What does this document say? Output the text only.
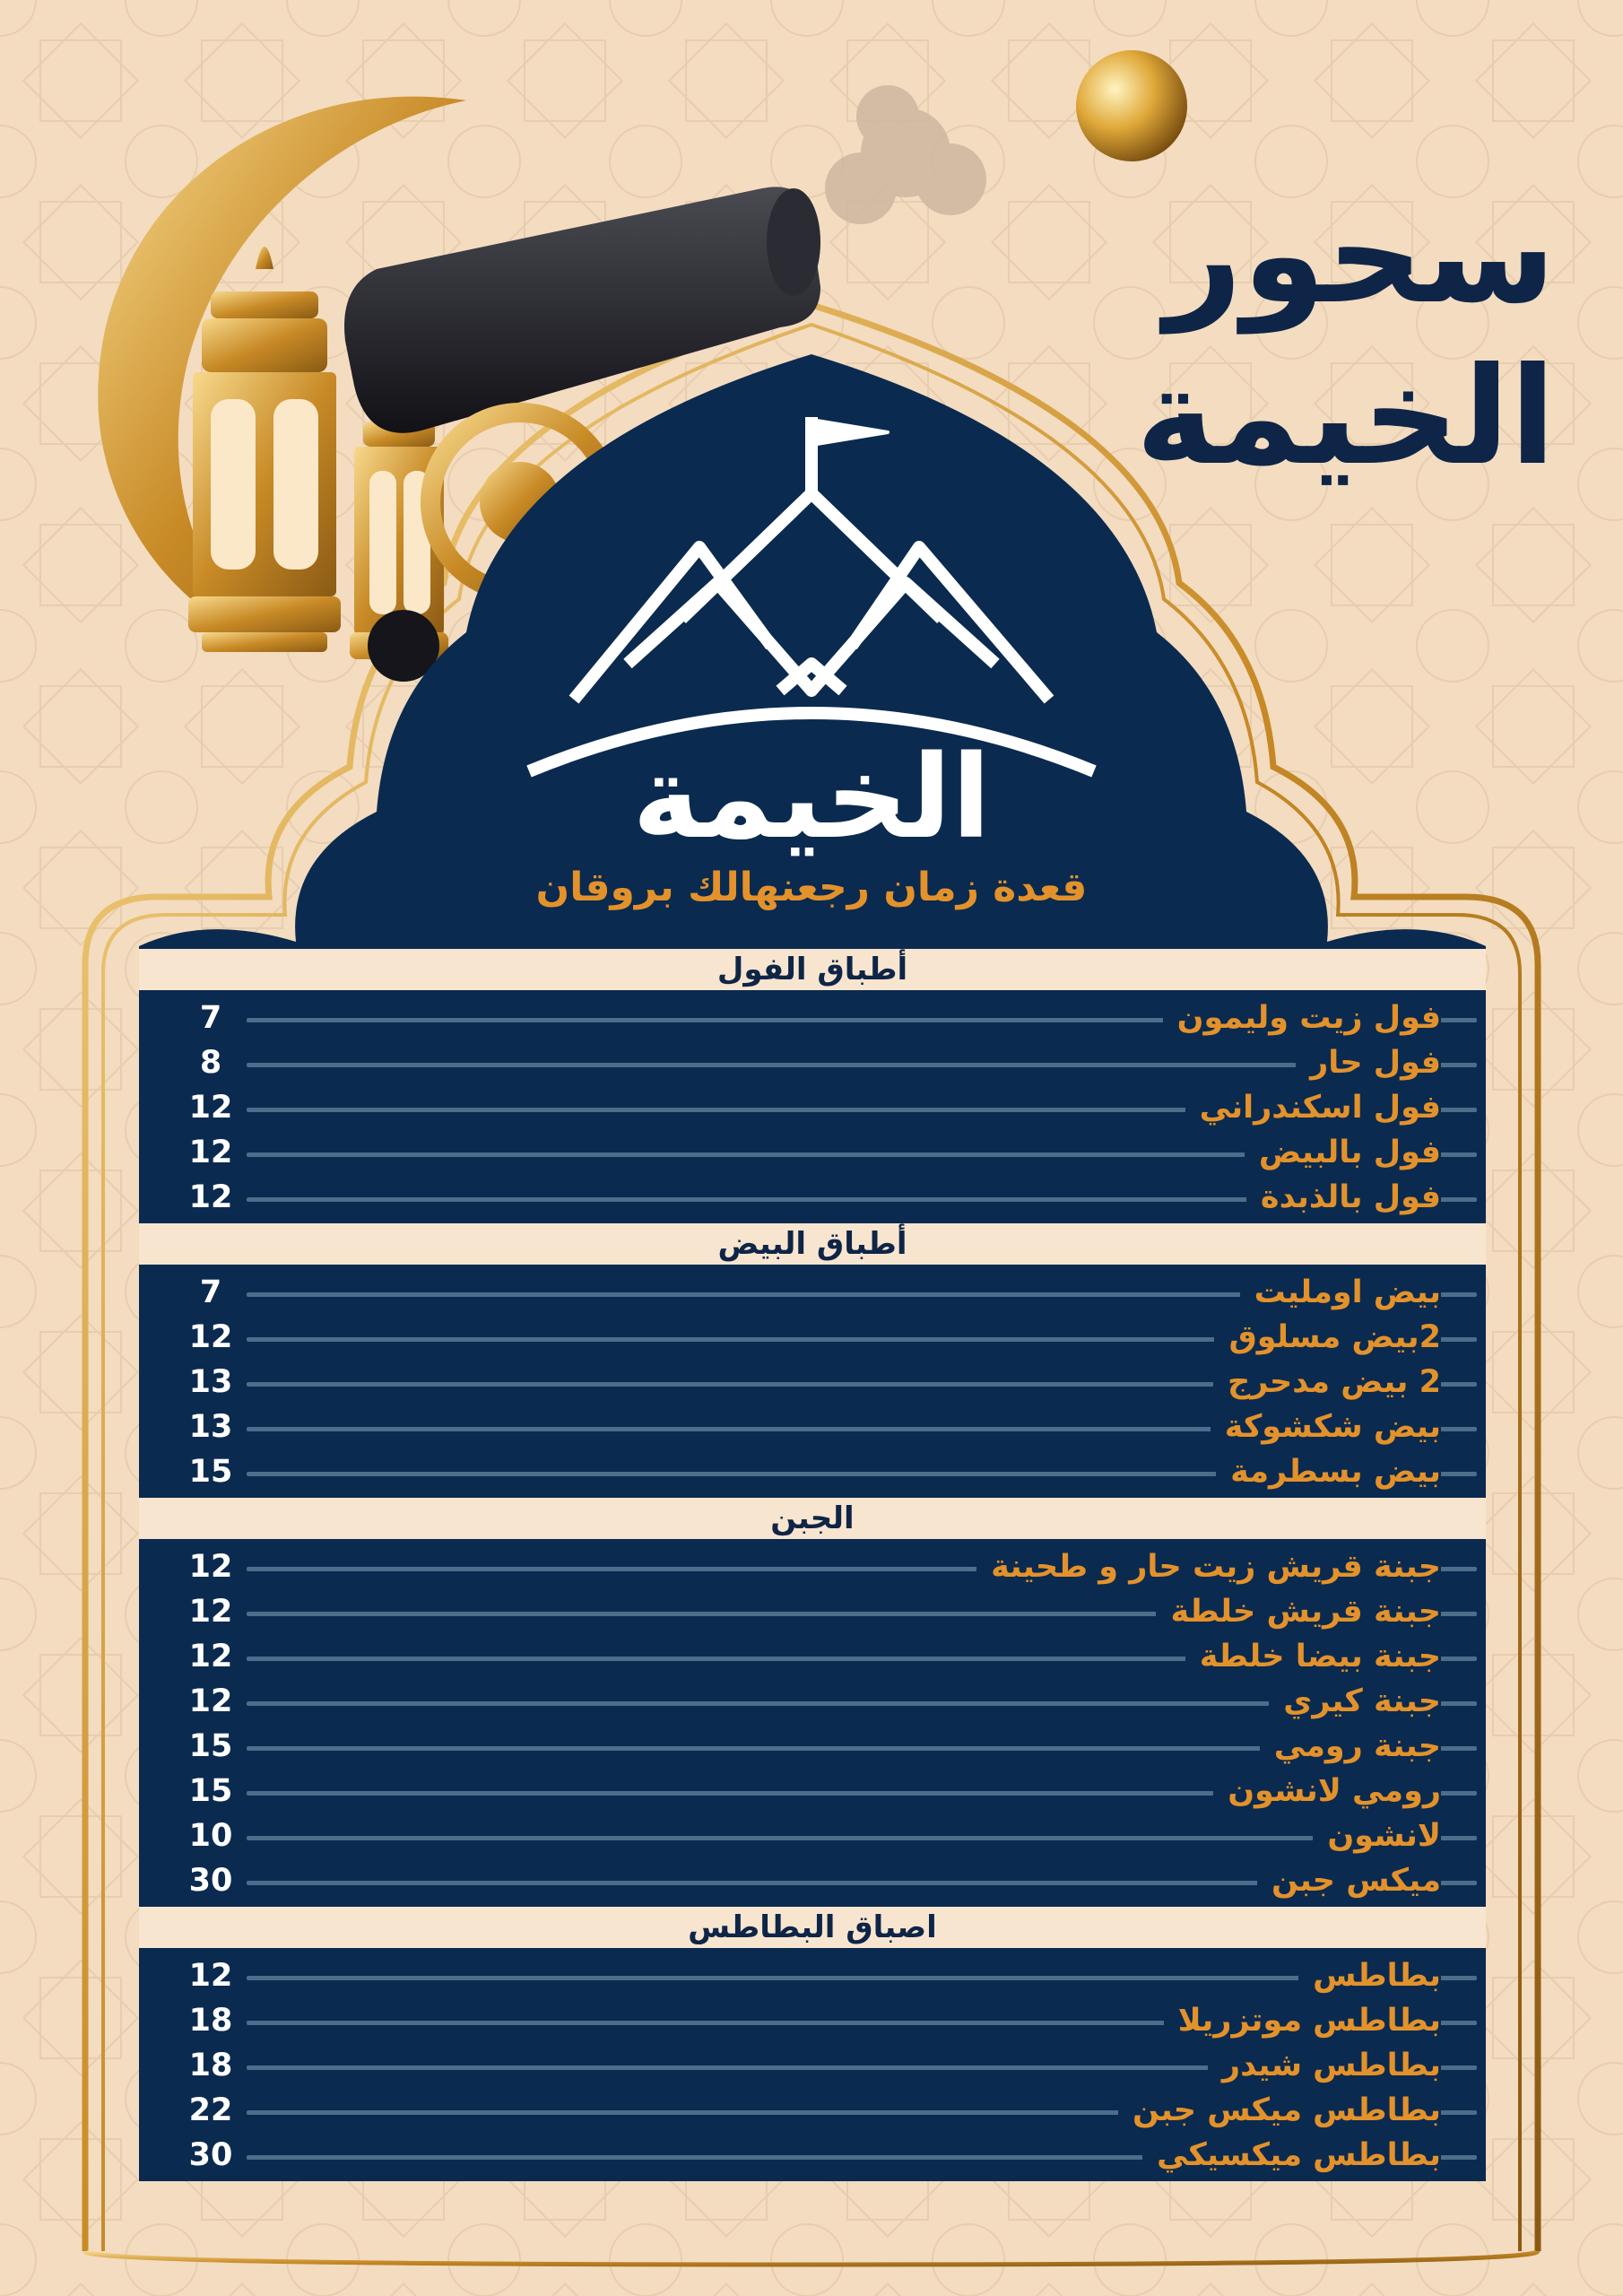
سحور
الخيمة
الخيمة
قعدة زمان رجعنهالك بروقان
أطباق الفول
فول زيت وليمون
7
فول حار
8
فول اسكندراني
12
فول بالبيض
12
فول بالذبدة
12
أطباق البيض
بيض اومليت
7
2بيض مسلوق
12
2 بيض مدحرج
13
بيض شكشوكة
13
بيض بسطرمة
15
الجبن
جبنة قريش زيت حار و طحينة
12
جبنة قريش خلطة
12
جبنة بيضا خلطة
12
جبنة كيري
12
جبنة رومي
15
رومي لانشون
15
لانشون
10
ميكس جبن
30
اصباق البطاطس
بطاطس
12
بطاطس موتزريلا
18
بطاطس شيدر
18
بطاطس ميكس جبن
22
بطاطس ميكسيكي
30
